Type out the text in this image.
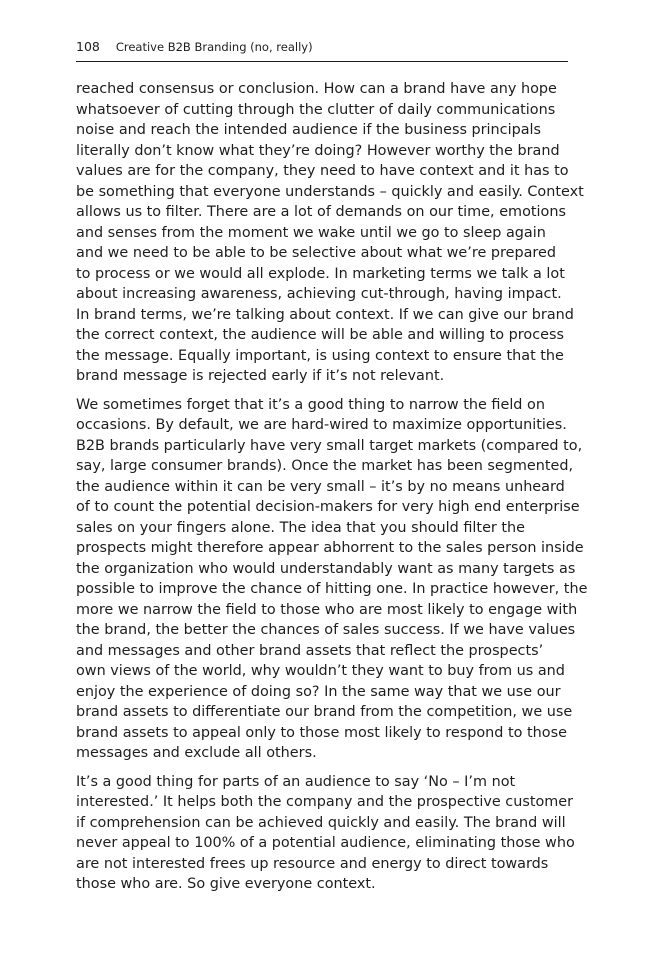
108 Creative B2B Branding (no, really)

reached consensus or conclusion. How can a brand have any hope
whatsoever of cutting through the clutter of daily communications
noise and reach the intended audience if the business principals
literally don’t know what they’re doing? However worthy the brand
values are for the company, they need to have context and it has to
be something that everyone understands – quickly and easily. Context
allows us to filter. There are a lot of demands on our time, emotions
and senses from the moment we wake until we go to sleep again
and we need to be able to be selective about what we’re prepared
to process or we would all explode. In marketing terms we talk a lot
about increasing awareness, achieving cut-through, having impact.
In brand terms, we’re talking about context. If we can give our brand
the correct context, the audience will be able and willing to process
the message. Equally important, is using context to ensure that the
brand message is rejected early if it’s not relevant.

We sometimes forget that it’s a good thing to narrow the field on
occasions. By default, we are hard-wired to maximize opportunities.
B2B brands particularly have very small target markets (compared to,
say, large consumer brands). Once the market has been segmented,
the audience within it can be very small – it’s by no means unheard
of to count the potential decision-makers for very high end enterprise
sales on your fingers alone. The idea that you should filter the
prospects might therefore appear abhorrent to the sales person inside
the organization who would understandably want as many targets as
possible to improve the chance of hitting one. In practice however, the
more we narrow the field to those who are most likely to engage with
the brand, the better the chances of sales success. If we have values
and messages and other brand assets that reflect the prospects’
own views of the world, why wouldn’t they want to buy from us and
enjoy the experience of doing so? In the same way that we use our
brand assets to differentiate our brand from the competition, we use
brand assets to appeal only to those most likely to respond to those
messages and exclude all others.

It’s a good thing for parts of an audience to say ‘No – I’m not
interested.’ It helps both the company and the prospective customer
if comprehension can be achieved quickly and easily. The brand will
never appeal to 100% of a potential audience, eliminating those who
are not interested frees up resource and energy to direct towards
those who are. So give everyone context.
